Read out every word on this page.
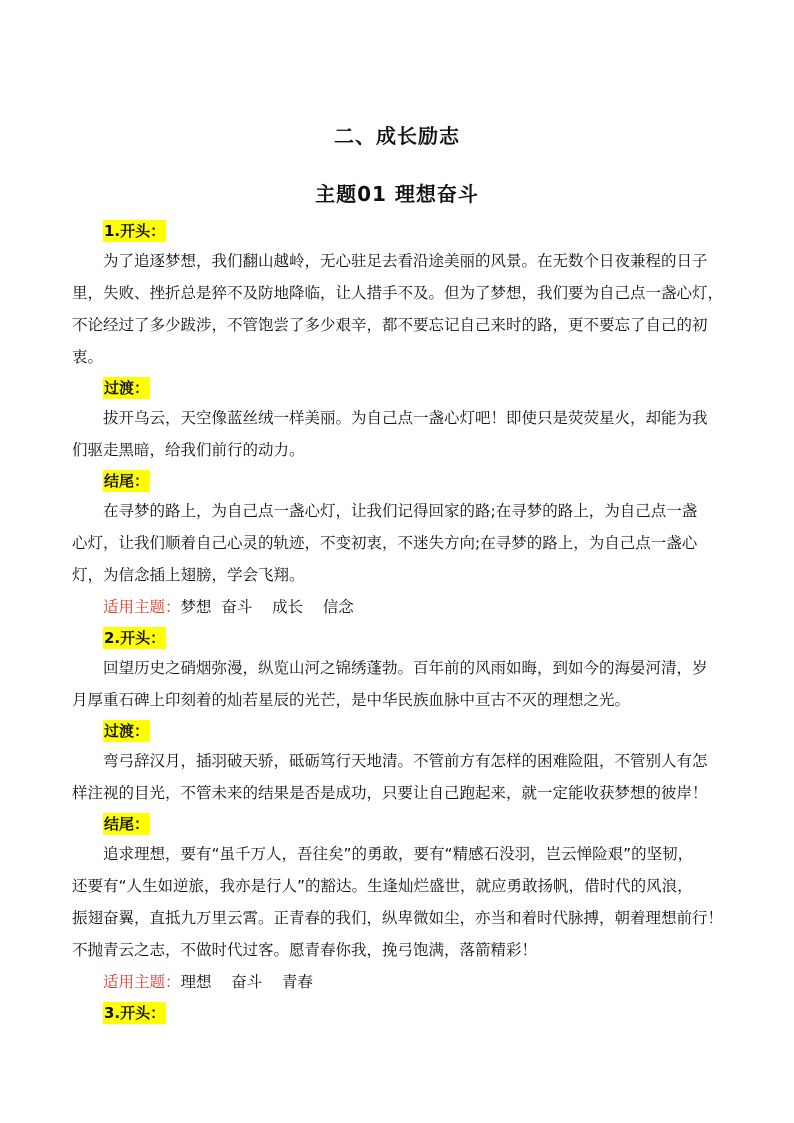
二、成长励志
主题01 理想奋斗
1.开头：
为了追逐梦想，我们翻山越岭，无心驻足去看沿途美丽的风景。在无数个日夜兼程的日子
里，失败、挫折总是猝不及防地降临，让人措手不及。但为了梦想，我们要为自己点一盏心灯，
不论经过了多少跋涉，不管饱尝了多少艰辛，都不要忘记自己来时的路，更不要忘了自己的初
衷。
过渡：
拔开乌云，天空像蓝丝绒一样美丽。为自己点一盏心灯吧！即使只是荧荧星火，却能为我
们驱走黑暗，给我们前行的动力。
结尾：
在寻梦的路上，为自己点一盏心灯，让我们记得回家的路;在寻梦的路上，为自己点一盏
心灯，让我们顺着自己心灵的轨迹，不变初衷，不迷失方向;在寻梦的路上，为自己点一盏心
灯，为信念插上翅膀，学会飞翔。
适用主题：梦想  奋斗    成长    信念
2.开头：
回望历史之硝烟弥漫，纵览山河之锦绣蓬勃。百年前的风雨如晦，到如今的海晏河清，岁
月厚重石碑上印刻着的灿若星辰的光芒，是中华民族血脉中亘古不灭的理想之光。
过渡：
弯弓辞汉月，插羽破天骄，砥砺笃行天地清。不管前方有怎样的困难险阻，不管别人有怎
样注视的目光，不管未来的结果是否是成功，只要让自己跑起来，就一定能收获梦想的彼岸！
结尾：
追求理想，要有“虽千万人，吾往矣”的勇敢，要有“精感石没羽，岂云惮险艰”的坚韧，
还要有“人生如逆旅，我亦是行人”的豁达。生逢灿烂盛世，就应勇敢扬帆，借时代的风浪，
振翅奋翼，直抵九万里云霄。正青春的我们，纵卑微如尘，亦当和着时代脉搏，朝着理想前行！
不抛青云之志，不做时代过客。愿青春你我，挽弓饱满，落箭精彩！
适用主题：理想    奋斗    青春
3.开头：
